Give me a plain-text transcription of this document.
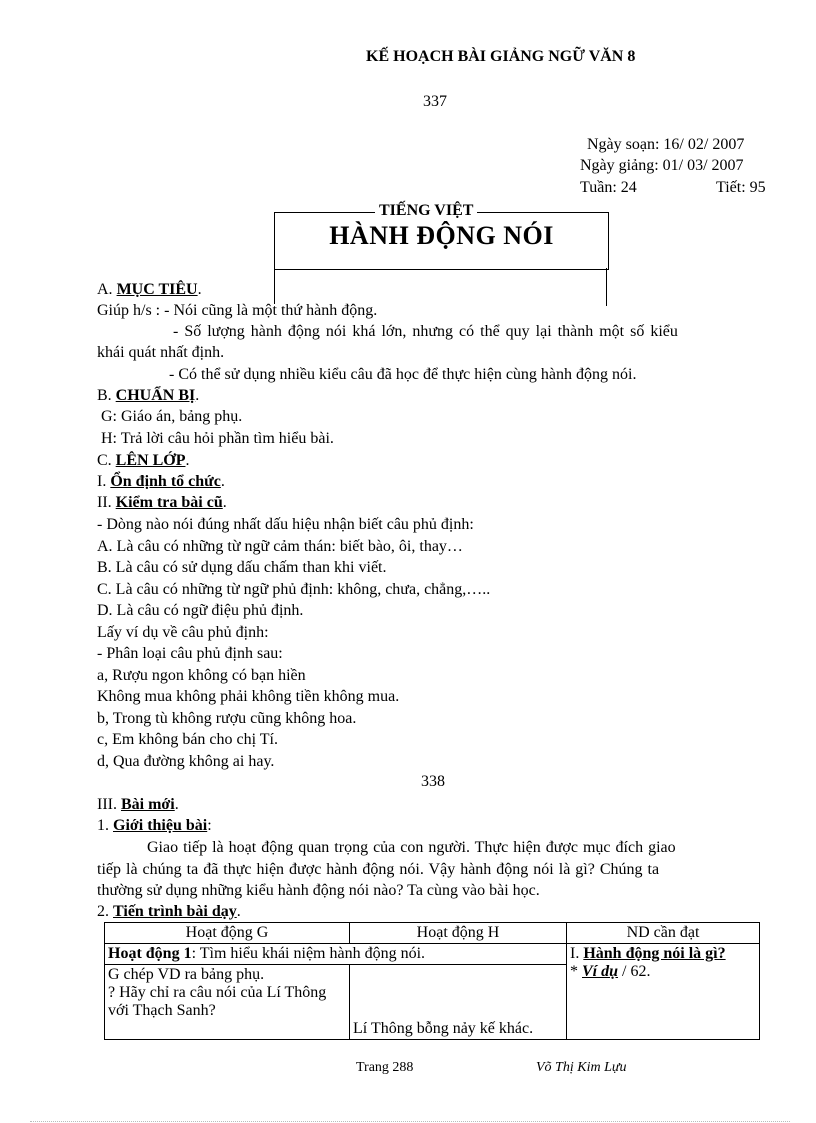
KẾ HOẠCH BÀI GIẢNG NGỮ VĂN 8
337
Ngày soạn: 16/ 02/ 2007
Ngày giảng: 01/ 03/ 2007
Tuần: 24	Tiết: 95
TIẾNG VIỆT
HÀNH ĐỘNG NÓI
A. MỤC TIÊU.
Giúp h/s : - Nói cũng là một thứ hành động.
- Số lượng hành động nói khá lớn, nhưng có thể quy lại thành một số kiểu
khái quát nhất định.
- Có thể sử dụng nhiều kiểu câu đã học để thực hiện cùng hành động nói.
B. CHUẨN BỊ.
G: Giáo án, bảng phụ.
H: Trả lời câu hỏi phần tìm hiểu bài.
C. LÊN LỚP.
I. Ổn định tổ chức.
II. Kiểm tra bài cũ.
- Dòng nào nói đúng nhất dấu hiệu nhận biết câu phủ định:
A. Là câu có những từ ngữ cảm thán: biết bào, ôi, thay…
B. Là câu có sử dụng dấu chấm than khi viết.
C. Là câu có những từ ngữ phủ định: không, chưa, chẳng,…..
D. Là câu có ngữ điệu phủ định.
Lấy ví dụ về câu phủ định:
- Phân loại câu phủ định sau:
a, Rượu ngon không có bạn hiền
Không mua không phải không tiền không mua.
b, Trong tù không rượu cũng không hoa.
c, Em không bán cho chị Tí.
d, Qua đường không ai hay.
338
III. Bài mới.
1. Giới thiệu bài:
Giao tiếp là hoạt động quan trọng của con người. Thực hiện được mục đích giao
tiếp là chúng ta đã thực hiện được hành động nói. Vậy hành động nói là gì? Chúng ta
thường sử dụng những kiểu hành động nói nào? Ta cùng vào bài học.
2. Tiến trình bài dạy.
Hoạt động G	Hoạt động H	ND cần đạt
Hoạt động 1: Tìm hiểu khái niệm hành động nói.		I. Hành động nói là gì?
* Ví dụ / 62.

G chép VD ra bảng phụ.
? Hãy chỉ ra câu nói của Lí Thông với Thạch Sanh?	Lí Thông bỗng nảy kế khác.	
Trang 288	Võ Thị Kim Lựu
